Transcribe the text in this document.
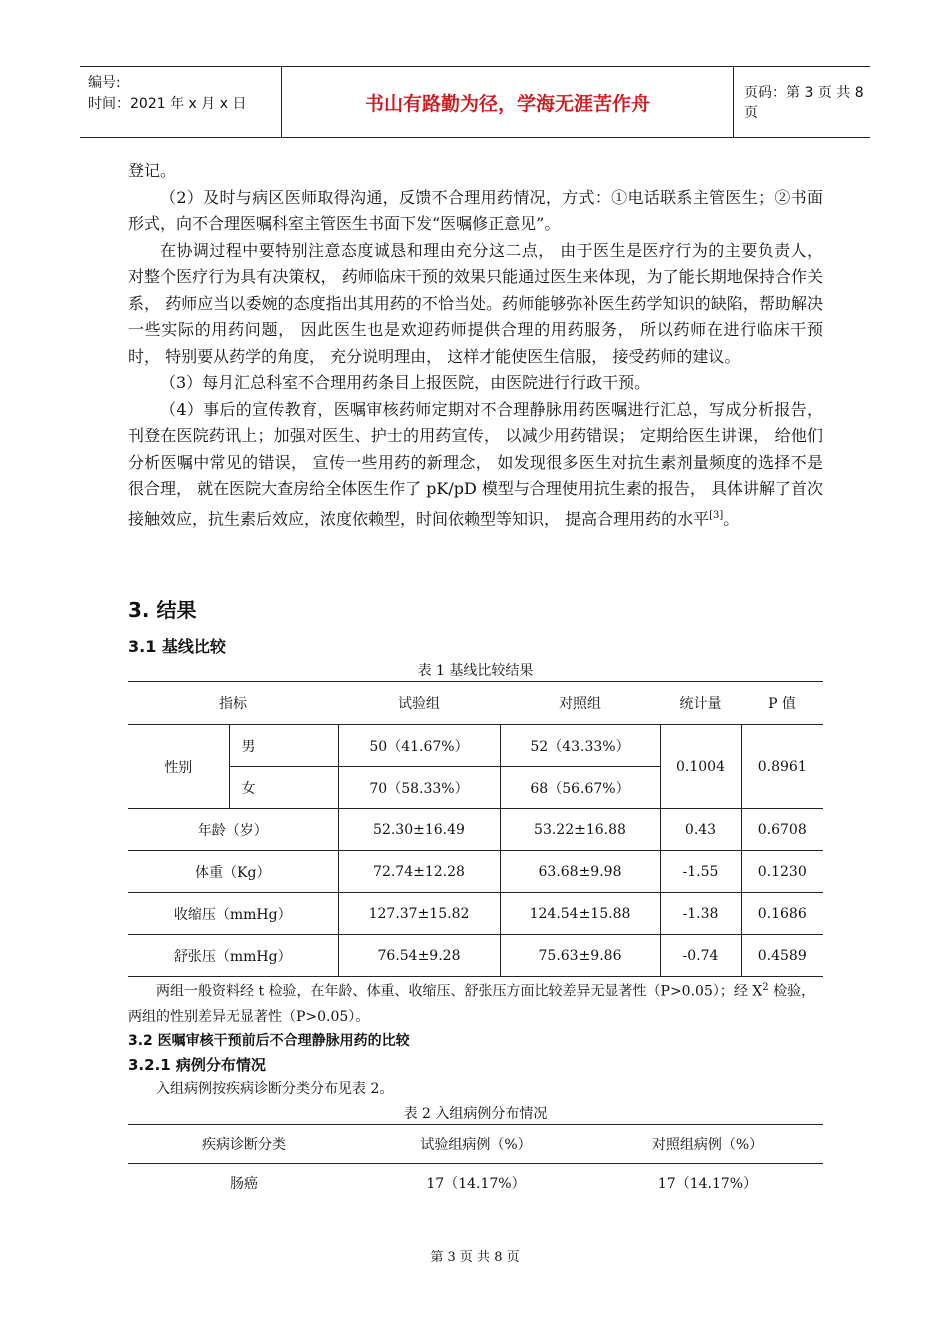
编号:
时间：2021 年 x 月 x 日	书山有路勤为径，学海无涯苦作舟	页码：第 3 页 共 8 页

登记。

（2）及时与病区医师取得沟通，反馈不合理用药情况，方式：①电话联系主管医生；②书面形式，向不合理医嘱科室主管医生书面下发“医嘱修正意见”。

在协调过程中要特别注意态度诚恳和理由充分这二点， 由于医生是医疗行为的主要负责人， 对整个医疗行为具有决策权， 药师临床干预的效果只能通过医生来体现，为了能长期地保持合作关系， 药师应当以委婉的态度指出其用药的不恰当处。药师能够弥补医生药学知识的缺陷，帮助解决一些实际的用药问题， 因此医生也是欢迎药师提供合理的用药服务， 所以药师在进行临床干预时， 特别要从药学的角度， 充分说明理由， 这样才能使医生信服， 接受药师的建议。

（3）每月汇总科室不合理用药条目上报医院，由医院进行行政干预。

（4）事后的宣传教育，医嘱审核药师定期对不合理静脉用药医嘱进行汇总，写成分析报告， 刊登在医院药讯上；加强对医生、护士的用药宣传， 以减少用药错误； 定期给医生讲课， 给他们分析医嘱中常见的错误， 宣传一些用药的新理念， 如发现很多医生对抗生素剂量频度的选择不是很合理， 就在医院大查房给全体医生作了 pK/pD 模型与合理使用抗生素的报告， 具体讲解了首次接触效应，抗生素后效应，浓度依赖型，时间依赖型等知识， 提高合理用药的水平[3]。

3. 结果
3.1 基线比较
表 1 基线比较结果
指标		试验组	对照组	统计量	P 值
性别	男	50（41.67%）	52（43.33%）	0.1004	0.8961
	女	70（58.33%）	68（56.67%）		
年龄（岁）		52.30±16.49	53.22±16.88	0.43	0.6708
体重（Kg）		72.74±12.28	63.68±9.98	-1.55	0.1230
收缩压（mmHg）		127.37±15.82	124.54±15.88	-1.38	0.1686
舒张压（mmHg）		76.54±9.28	75.63±9.86	-0.74	0.4589
两组一般资料经 t 检验，在年龄、体重、收缩压、舒张压方面比较差异无显著性（P>0.05）；经 $X^2$ 检验，两组的性别差异无显著性（P>0.05）。
3.2 医嘱审核干预前后不合理静脉用药的比较
3.2.1 病例分布情况
入组病例按疾病诊断分类分布见表 2。
表 2 入组病例分布情况
疾病诊断分类	试验组病例（%）	对照组病例（%）
肠癌	17（14.17%）	17（14.17%）
第 3 页 共 8 页
